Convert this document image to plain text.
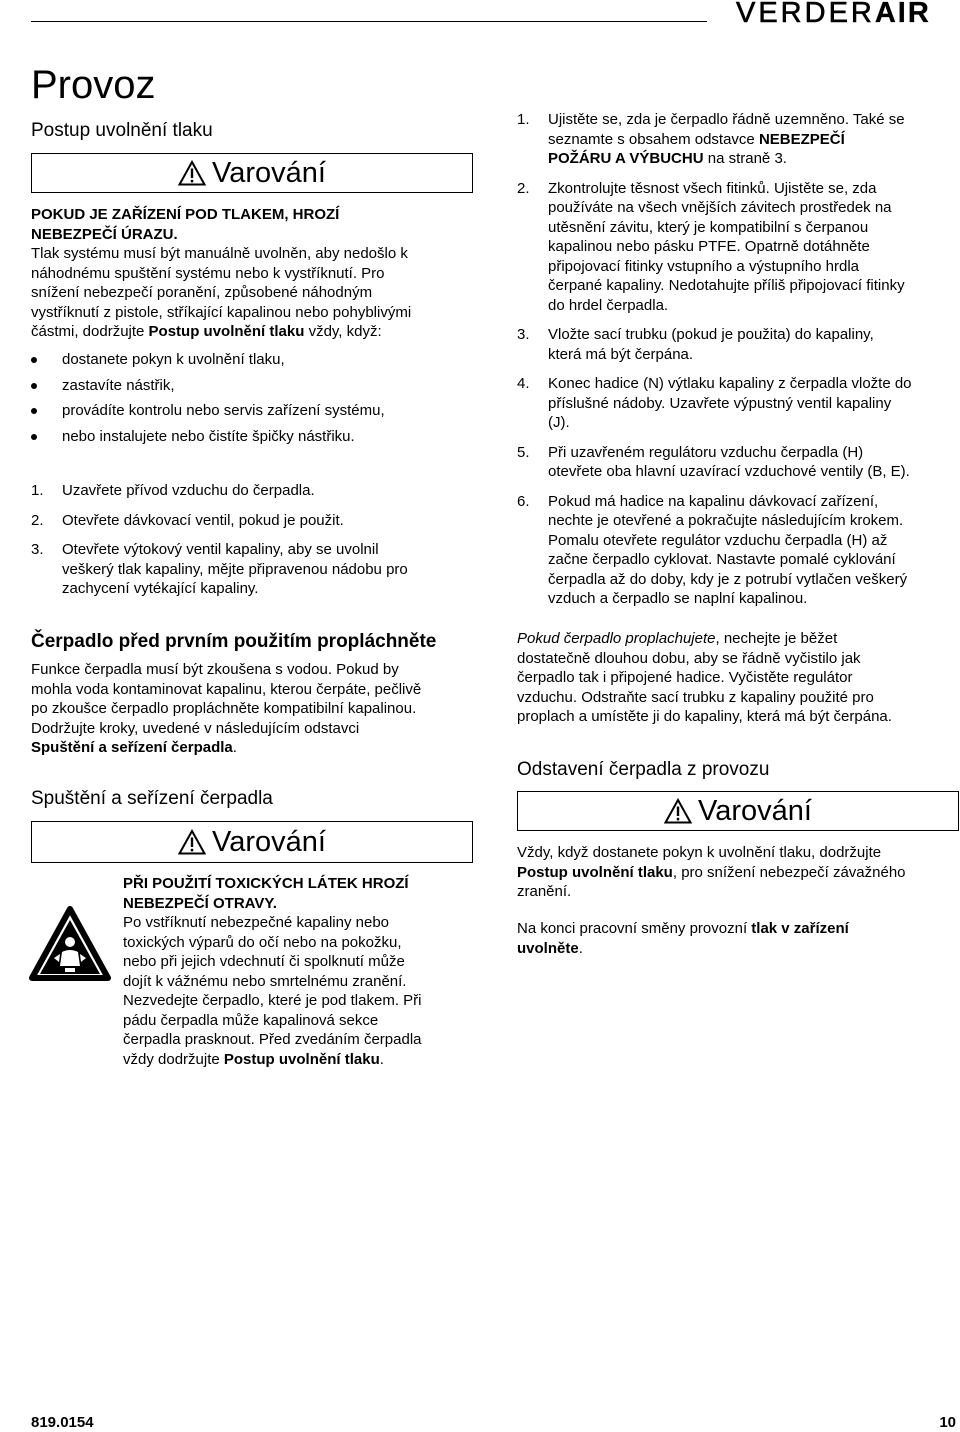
VERDERAIR
Provoz
Postup uvolnění tlaku
Varování

POKUD JE ZAŘÍZENÍ POD TLAKEM, HROZÍ

NEBEZPEČÍ ÚRAZU.

Tlak systému musí být manuálně uvolněn, aby nedošlo k

náhodnému spuštění systému nebo k vystříknutí. Pro

snížení nebezpečí poranění, způsobené náhodným

vystříknutí z pistole, stříkající kapalinou nebo pohyblivými

částmi, dodržujte Postup uvolnění tlaku vždy, když:

dostanete pokyn k uvolnění tlaku,
zastavíte nástřik,
provádíte kontrolu nebo servis zařízení systému,
nebo instalujete nebo čistíte špičky nástřiku.
1. Uzavřete přívod vzduchu do čerpadla.
2. Otevřete dávkovací ventil, pokud je použit.
3. Otevřete výtokový ventil kapaliny, aby se uvolnil
veškerý tlak kapaliny, mějte připravenou nádobu pro
zachycení vytékající kapaliny.
Čerpadlo před prvním použitím propláchněte

Funkce čerpadla musí být zkoušena s vodou. Pokud by

mohla voda kontaminovat kapalinu, kterou čerpáte, pečlivě

po zkoušce čerpadlo propláchněte kompatibilní kapalinou.

Dodržujte kroky, uvedené v následujícím odstavci

Spuštění a seřízení čerpadla.

Spuštění a seřízení čerpadla
Varování

PŘI POUŽITÍ TOXICKÝCH LÁTEK HROZÍ

NEBEZPEČÍ OTRAVY.

Po vstříknutí nebezpečné kapaliny nebo

toxických výparů do očí nebo na pokožku,

nebo při jejich vdechnutí či spolknutí může

dojít k vážnému nebo smrtelnému zranění.

Nezvedejte čerpadlo, které je pod tlakem. Při

pádu čerpadla může kapalinová sekce

čerpadla prasknout. Před zvedáním čerpadla

vždy dodržujte Postup uvolnění tlaku.

1. Ujistěte se, zda je čerpadlo řádně uzemněno. Také se
seznamte s obsahem odstavce NEBEZPEČÍ
POŽÁRU A VÝBUCHU na straně 3.
2. Zkontrolujte těsnost všech fitinků. Ujistěte se, zda
používáte na všech vnějších závitech prostředek na
utěsnění závitu, který je kompatibilní s čerpanou
kapalinou nebo pásku PTFE. Opatrně dotáhněte
připojovací fitinky vstupního a výstupního hrdla
čerpané kapaliny. Nedotahujte příliš připojovací fitinky
do hrdel čerpadla.
3. Vložte sací trubku (pokud je použita) do kapaliny,
která má být čerpána.
4. Konec hadice (N) výtlaku kapaliny z čerpadla vložte do
příslušné nádoby. Uzavřete výpustný ventil kapaliny
(J).
5. Při uzavřeném regulátoru vzduchu čerpadla (H)
otevřete oba hlavní uzavírací vzduchové ventily (B, E).
6. Pokud má hadice na kapalinu dávkovací zařízení,
nechte je otevřené a pokračujte následujícím krokem.
Pomalu otevřete regulátor vzduchu čerpadla (H) až
začne čerpadlo cyklovat. Nastavte pomalé cyklování
čerpadla až do doby, kdy je z potrubí vytlačen veškerý
vzduch a čerpadlo se naplní kapalinou.

Pokud čerpadlo proplachujete, nechejte je běžet

dostatečně dlouhou dobu, aby se řádně vyčistilo jak

čerpadlo tak i připojené hadice. Vyčistěte regulátor

vzduchu. Odstraňte sací trubku z kapaliny použité pro

proplach a umístěte ji do kapaliny, která má být čerpána.

Odstavení čerpadla z provozu
Varování

Vždy, když dostanete pokyn k uvolnění tlaku, dodržujte

Postup uvolnění tlaku, pro snížení nebezpečí závažného

zranění.

Na konci pracovní směny provozní tlak v zařízení

uvolněte.

819.0154	10
